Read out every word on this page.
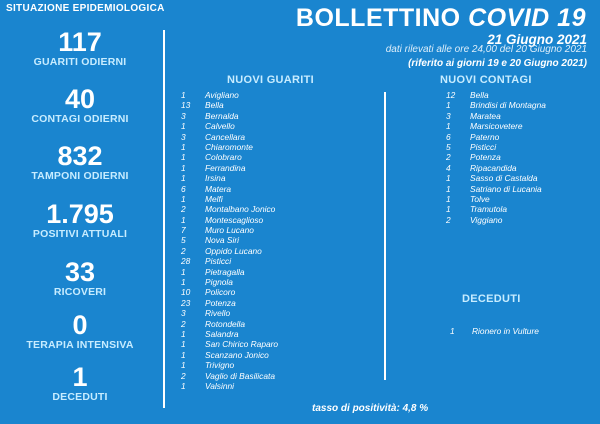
SITUAZIONE EPIDEMIOLOGICA
117
GUARITI ODIERNI
40
CONTAGI ODIERNI
832
TAMPONI ODIERNI
1.795
POSITIVI ATTUALI
33
RICOVERI
0
TERAPIA INTENSIVA
1
DECEDUTI
BOLLETTINO COVID 19
21 Giugno 2021
dati rilevati alle ore 24,00 del 20 Giugno 2021
(riferito ai giorni 19 e 20 Giugno 2021)
NUOVI GUARITI
1	Avigliano
13	Bella
3	Bernalda
1	Calvello
3	Cancellara
1	Chiaromonte
1	Colobraro
1	Ferrandina
1	Irsina
6	Matera
1	Melfi
2	Montalbano Jonico
1	Montescaglioso
7	Muro Lucano
5	Nova Siri
2	Oppido Lucano
28	Pisticci
1	Pietragalla
1	Pignola
10	Policoro
23	Potenza
3	Rivello
2	Rotondella
1	Salandra
1	San Chirico Raparo
1	Scanzano Jonico
1	Trivigno
2	Vaglio di Basilicata
1	Valsinni
NUOVI CONTAGI
12	Bella
1	Brindisi di Montagna
3	Maratea
1	Marsicovetere
6	Paterno
5	Pisticci
2	Potenza
4	Ripacandida
1	Sasso di Castalda
1	Satriano di Lucania
1	Tolve
1	Tramutola
2	Viggiano
DECEDUTI
1	Rionero in Vulture
tasso di positività: 4,8 %
